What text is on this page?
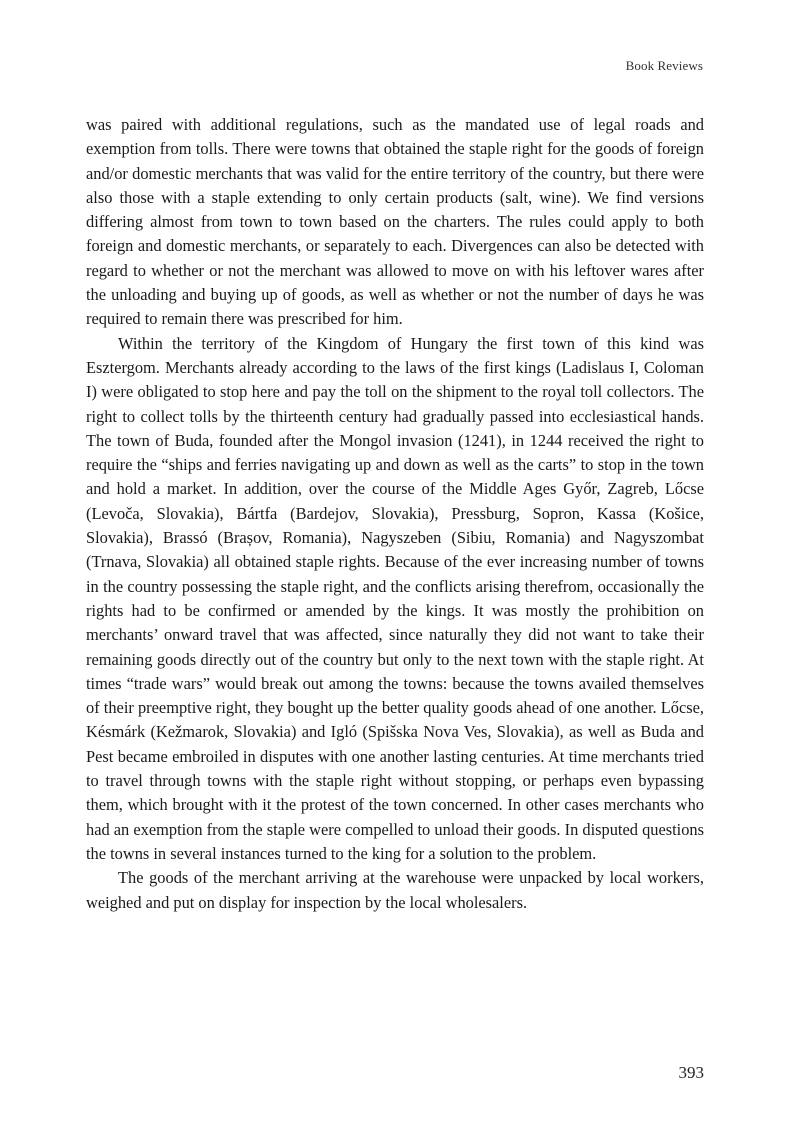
Book Reviews

was paired with additional regulations, such as the mandated use of legal roads and exemption from tolls. There were towns that obtained the staple right for the goods of foreign and/or domestic merchants that was valid for the entire territory of the country, but there were also those with a staple extending to only certain products (salt, wine). We find versions differing almost from town to town based on the charters. The rules could apply to both foreign and domestic merchants, or separately to each. Divergences can also be detected with regard to whether or not the merchant was allowed to move on with his leftover wares after the unloading and buying up of goods, as well as whether or not the number of days he was required to remain there was prescribed for him.

Within the territory of the Kingdom of Hungary the first town of this kind was Esztergom. Merchants already according to the laws of the first kings (Ladislaus I, Coloman I) were obligated to stop here and pay the toll on the shipment to the royal toll collectors. The right to collect tolls by the thirteenth century had gradually passed into ecclesiastical hands. The town of Buda, founded after the Mongol invasion (1241), in 1244 received the right to require the “ships and ferries navigating up and down as well as the carts” to stop in the town and hold a market. In addition, over the course of the Middle Ages Győr, Zagreb, Lőcse (Levoča, Slovakia), Bártfa (Bardejov, Slovakia), Pressburg, Sopron, Kassa (Košice, Slovakia), Brassó (Brașov, Romania), Nagyszeben (Sibiu, Romania) and Nagyszombat (Trnava, Slovakia) all obtained staple rights. Because of the ever increasing number of towns in the country possessing the staple right, and the conflicts arising therefrom, occasionally the rights had to be confirmed or amended by the kings. It was mostly the prohibition on merchants’ onward travel that was affected, since naturally they did not want to take their remaining goods directly out of the country but only to the next town with the staple right. At times “trade wars” would break out among the towns: because the towns availed themselves of their preemptive right, they bought up the better quality goods ahead of one another. Lőcse, Késmárk (Kežmarok, Slovakia) and Igló (Spišska Nova Ves, Slovakia), as well as Buda and Pest became embroiled in disputes with one another lasting centuries. At time merchants tried to travel through towns with the staple right without stopping, or perhaps even bypassing them, which brought with it the protest of the town concerned. In other cases merchants who had an exemption from the staple were compelled to unload their goods. In disputed questions the towns in several instances turned to the king for a solution to the problem.

The goods of the merchant arriving at the warehouse were unpacked by local workers, weighed and put on display for inspection by the local wholesalers.

393
